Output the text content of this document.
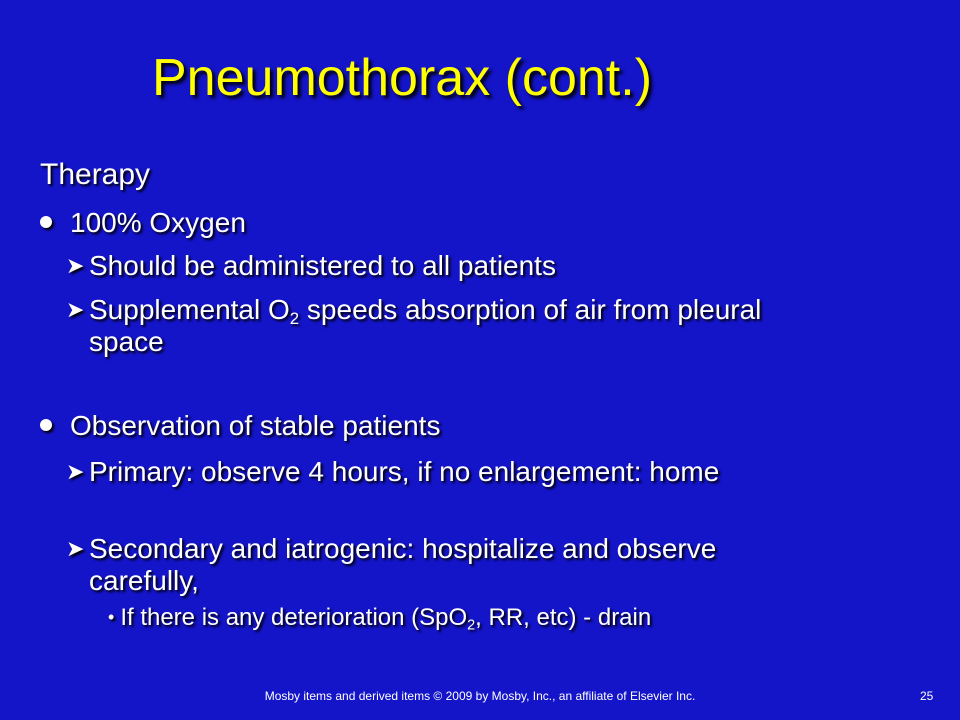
Pneumothorax (cont.)
Therapy
100% Oxygen
➤ Should be administered to all patients
➤ Supplemental $O_2$ speeds absorption of air from pleural space
Observation of stable patients
➤ Primary: observe 4 hours, if no enlargement: home
➤ Secondary and iatrogenic: hospitalize and observe carefully,
• If there is any deterioration (SpO$_2$, RR, etc) - drain
Mosby items and derived items © 2009 by Mosby, Inc., an affiliate of Elsevier Inc.	25
